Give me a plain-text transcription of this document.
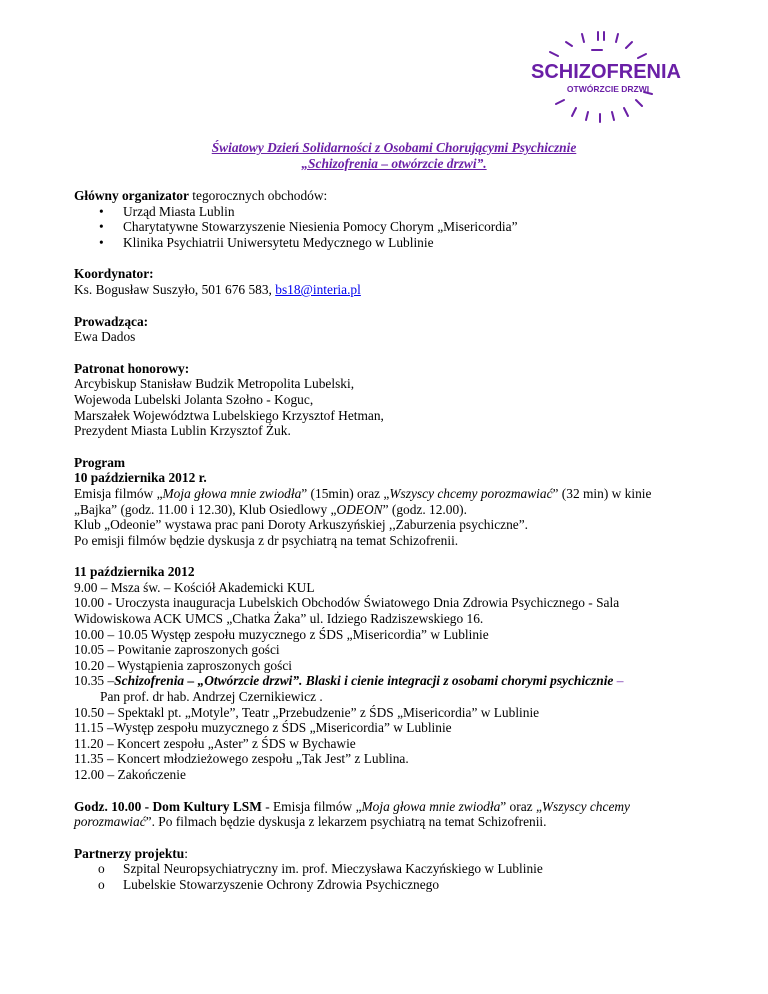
SCHIZOFRENIA
OTWÓRZCIE DRZWI
Światowy Dzień Solidarności z Osobami Chorującymi Psychicznie
„Schizofrenia – otwórzcie drzwi”.
Główny organizator tegorocznych obchodów:
• Urząd Miasta Lublin
• Charytatywne Stowarzyszenie Niesienia Pomocy Chorym „Misericordia”
• Klinika Psychiatrii Uniwersytetu Medycznego w Lublinie
Koordynator:
Ks. Bogusław Suszyło, 501 676 583, bs18@interia.pl
Prowadząca:
Ewa Dados
Patronat honorowy:
Arcybiskup Stanisław Budzik Metropolita Lubelski,
Wojewoda Lubelski Jolanta Szołno - Koguc,
Marszałek Województwa Lubelskiego Krzysztof Hetman,
Prezydent Miasta Lublin Krzysztof Żuk.
Program
10 października 2012 r.
Emisja filmów „Moja głowa mnie zwiodła” (15min) oraz „Wszyscy chcemy porozmawiać” (32 min) w kinie
„Bajka” (godz. 11.00 i 12.30), Klub Osiedlowy „ODEON” (godz. 12.00).
Klub „Odeonie” wystawa prac pani Doroty Arkuszyńskiej ,,Zaburzenia psychiczne”.
Po emisji filmów będzie dyskusja z dr psychiatrą na temat Schizofrenii.
11 października 2012
9.00 – Msza św. – Kościół Akademicki KUL
10.00 - Uroczysta inauguracja Lubelskich Obchodów Światowego Dnia Zdrowia Psychicznego - Sala
Widowiskowa ACK UMCS „Chatka Żaka” ul. Idziego Radziszewskiego 16.
10.00 – 10.05 Występ zespołu muzycznego z ŚDS „Misericordia” w Lublinie
10.05 – Powitanie zaproszonych gości
10.20 – Wystąpienia zaproszonych gości
10.35 –Schizofrenia – „Otwórzcie drzwi”. Blaski i cienie integracji z osobami chorymi psychicznie –
Pan prof. dr hab. Andrzej Czernikiewicz .
10.50 – Spektakl pt. „Motyle”, Teatr „Przebudzenie” z ŚDS „Misericordia” w Lublinie
11.15 –Występ zespołu muzycznego z ŚDS „Misericordia” w Lublinie
11.20 – Koncert zespołu „Aster” z ŚDS w Bychawie
11.35 – Koncert młodzieżowego zespołu „Tak Jest” z Lublina.
12.00 – Zakończenie
Godz. 10.00 - Dom Kultury LSM - Emisja filmów „Moja głowa mnie zwiodła” oraz „Wszyscy chcemy
porozmawiać”. Po filmach będzie dyskusja z lekarzem psychiatrą na temat Schizofrenii.
Partnerzy projektu:
o Szpital Neuropsychiatryczny im. prof. Mieczysława Kaczyńskiego w Lublinie
o Lubelskie Stowarzyszenie Ochrony Zdrowia Psychicznego
